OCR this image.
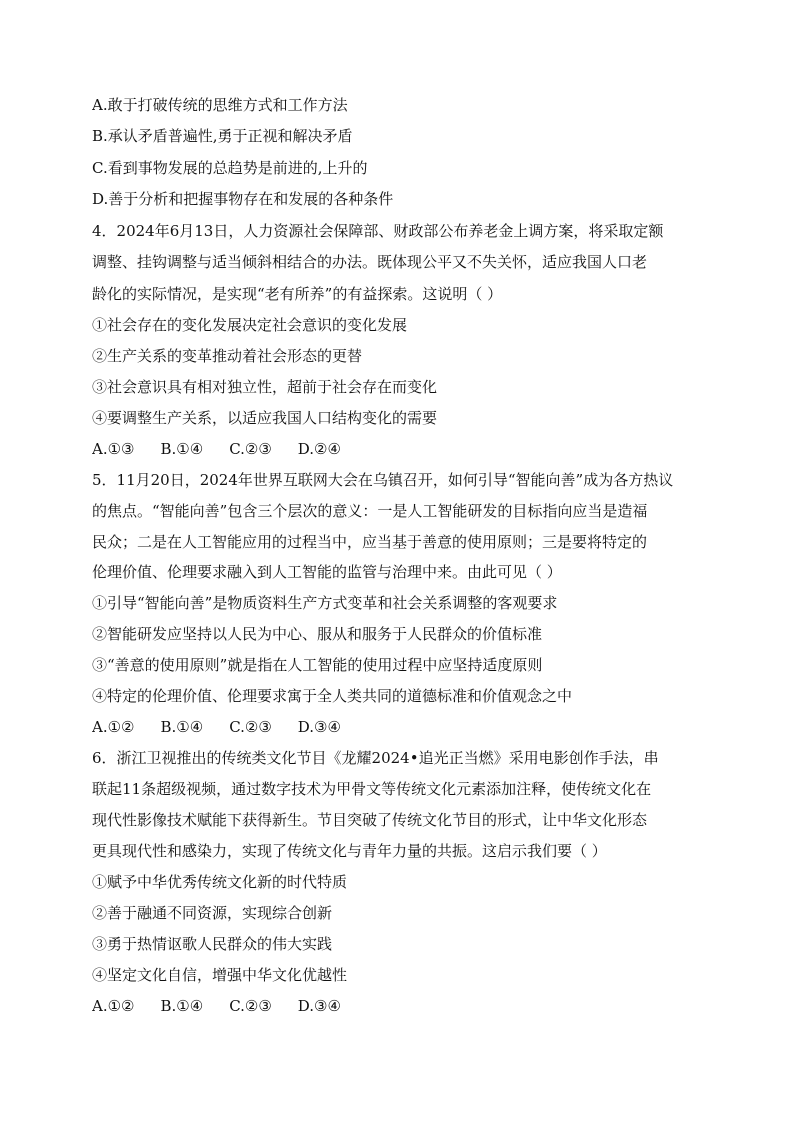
A.敢于打破传统的思维方式和工作方法
B.承认矛盾普遍性,勇于正视和解决矛盾
C.看到事物发展的总趋势是前进的,上升的
D.善于分析和把握事物存在和发展的各种条件
4．2024年6月13日，人力资源社会保障部、财政部公布养老金上调方案，将采取定额
调整、挂钩调整与适当倾斜相结合的办法。既体现公平又不失关怀，适应我国人口老
龄化的实际情况，是实现“老有所养”的有益探索。这说明（ ）
①社会存在的变化发展决定社会意识的变化发展
②生产关系的变革推动着社会形态的更替
③社会意识具有相对独立性，超前于社会存在而变化
④要调整生产关系，以适应我国人口结构变化的需要
A.①③ B.①④ C.②③ D.②④
5．11月20日，2024年世界互联网大会在乌镇召开，如何引导“智能向善”成为各方热议
的焦点。“智能向善”包含三个层次的意义：一是人工智能研发的目标指向应当是造福
民众；二是在人工智能应用的过程当中，应当基于善意的使用原则；三是要将特定的
伦理价值、伦理要求融入到人工智能的监管与治理中来。由此可见（ ）
①引导“智能向善”是物质资料生产方式变革和社会关系调整的客观要求
②智能研发应坚持以人民为中心、服从和服务于人民群众的价值标准
③“善意的使用原则”就是指在人工智能的使用过程中应坚持适度原则
④特定的伦理价值、伦理要求寓于全人类共同的道德标准和价值观念之中
A.①② B.①④ C.②③ D.③④
6．浙江卫视推出的传统类文化节目《龙耀2024•追光正当燃》采用电影创作手法，串
联起11条超级视频，通过数字技术为甲骨文等传统文化元素添加注释，使传统文化在
现代性影像技术赋能下获得新生。节目突破了传统文化节目的形式，让中华文化形态
更具现代性和感染力，实现了传统文化与青年力量的共振。这启示我们要（ ）
①赋予中华优秀传统文化新的时代特质
②善于融通不同资源，实现综合创新
③勇于热情讴歌人民群众的伟大实践
④坚定文化自信，增强中华文化优越性
A.①② B.①④ C.②③ D.③④
